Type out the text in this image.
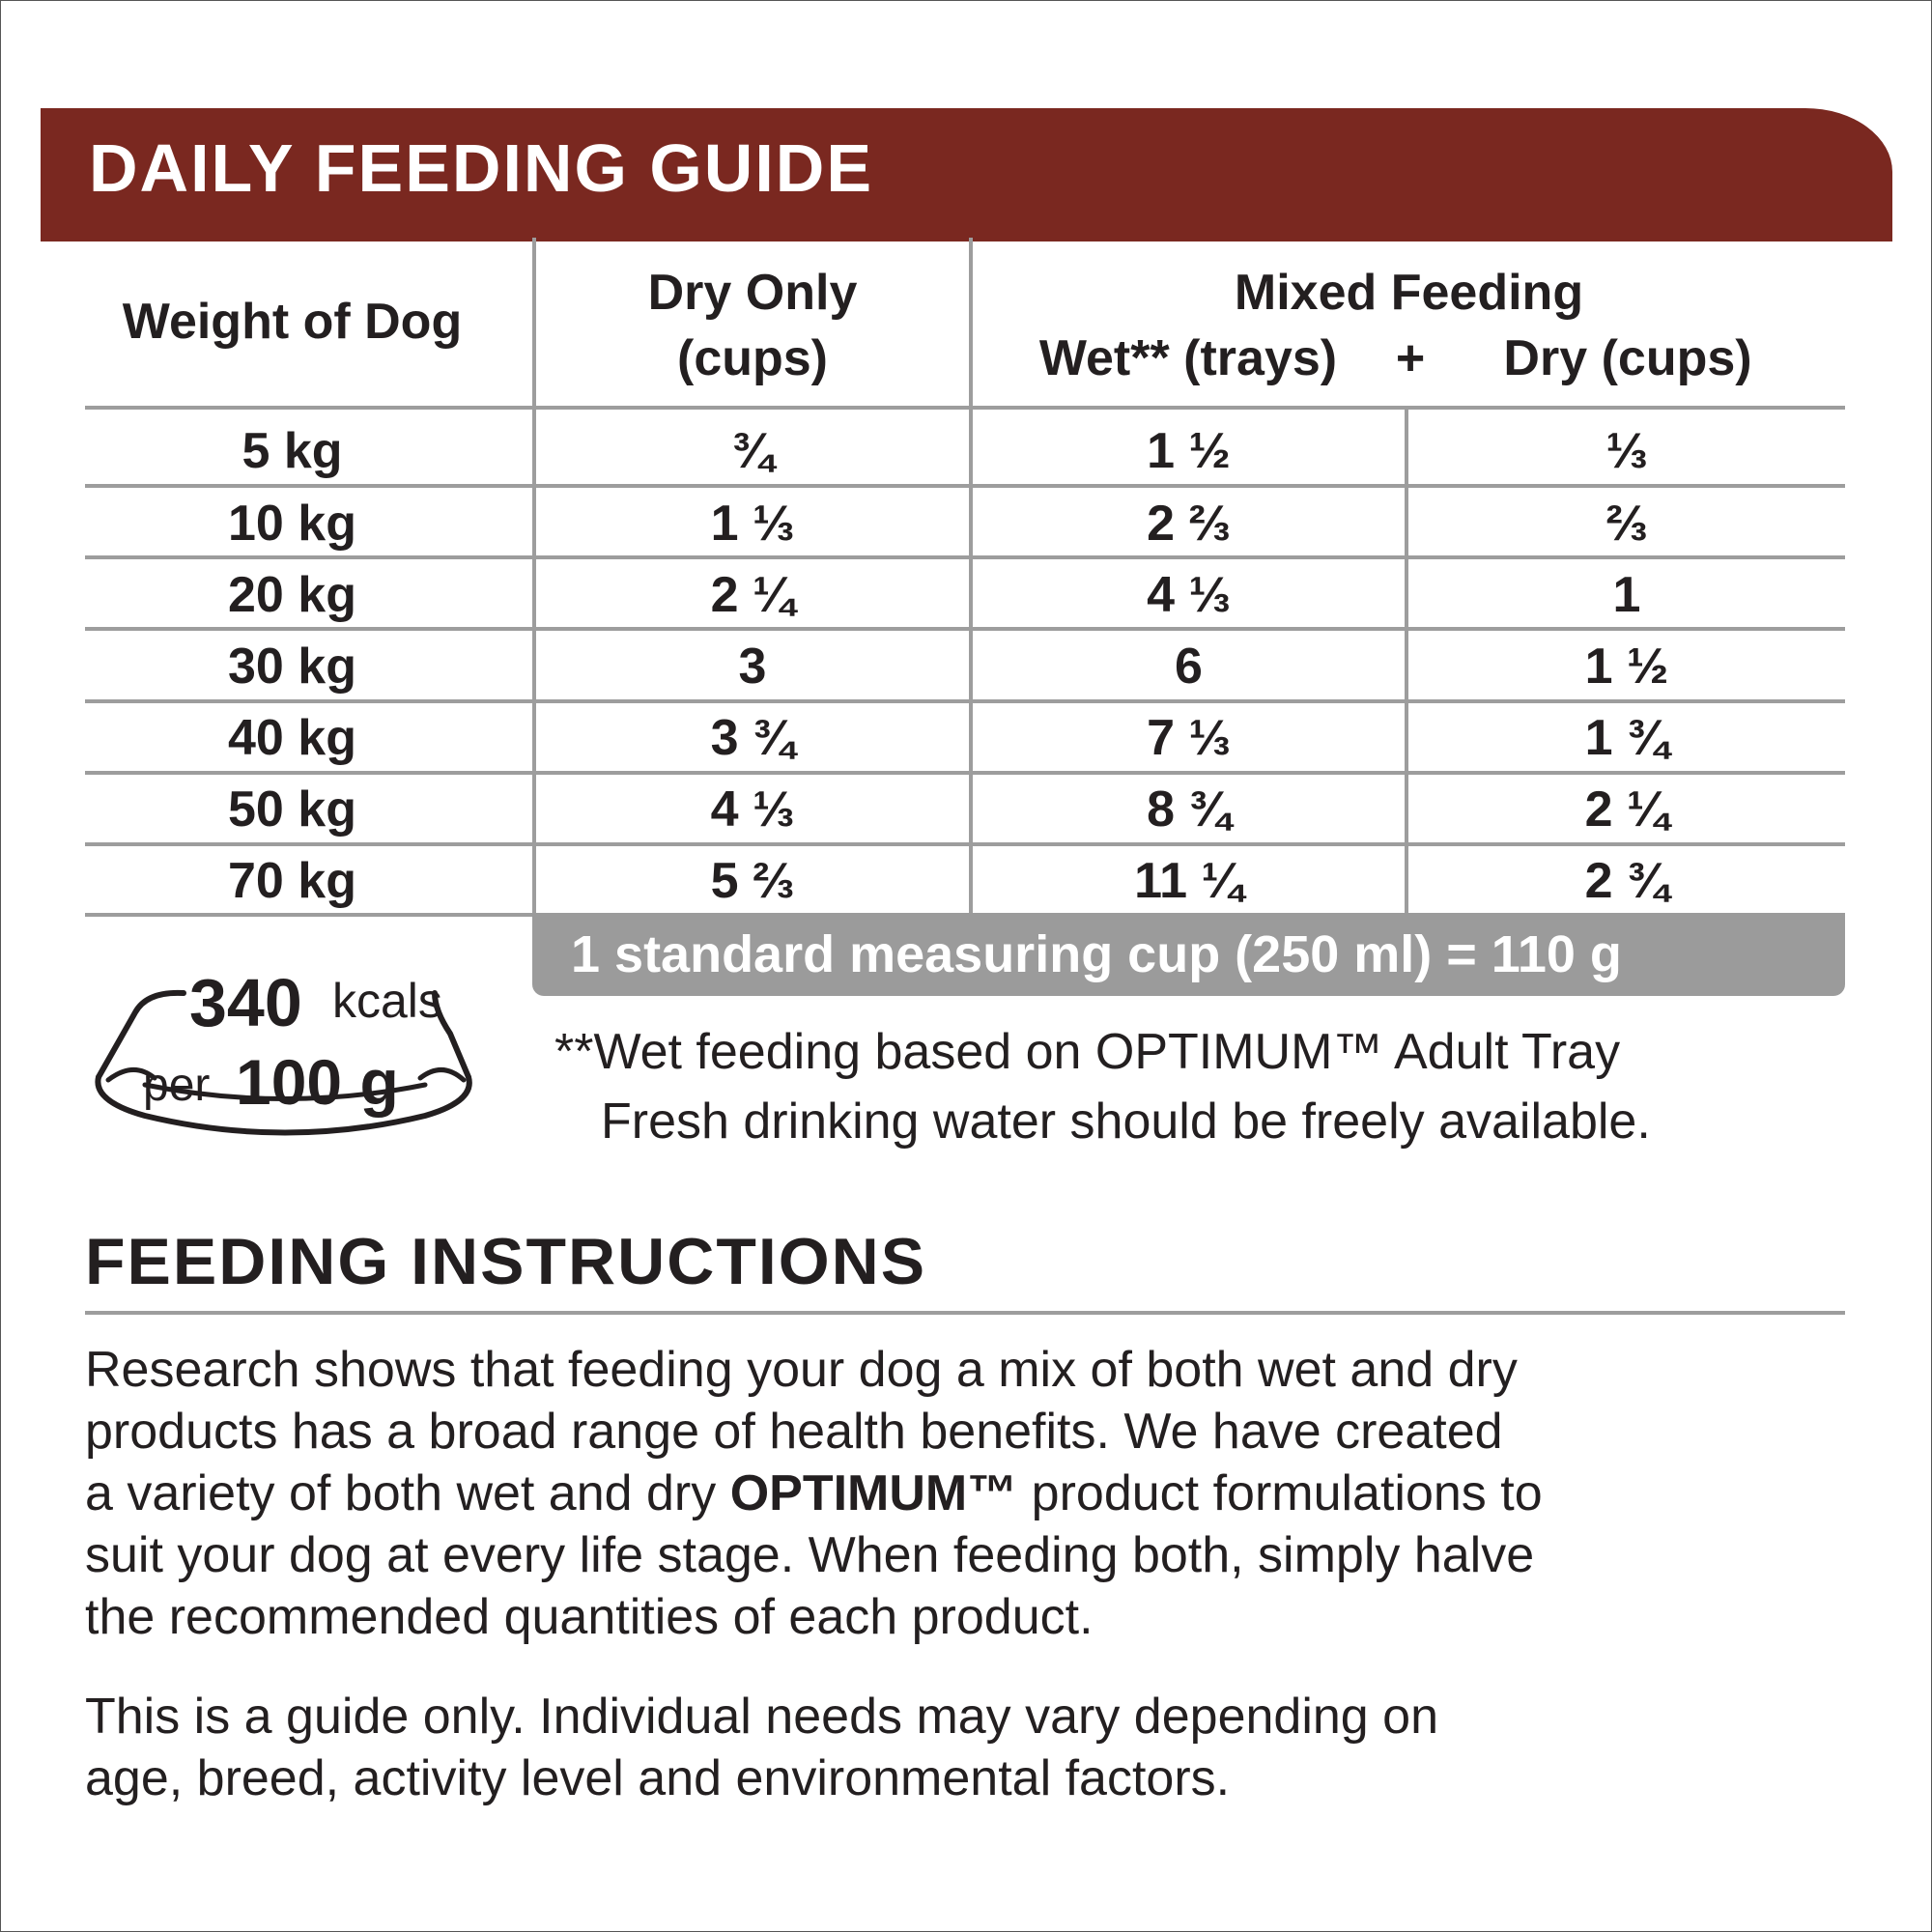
DAILY FEEDING GUIDE
Weight of Dog
Dry Only
(cups)
Mixed Feeding
Wet** (trays)	+	Dry (cups)
5 kg	¾	1 ½	⅓
10 kg	1 ⅓	2 ⅔	⅔
20 kg	2 ¼	4 ⅓	1
30 kg	3	6	1 ½
40 kg	3 ¾	7 ⅓	1 ¾
50 kg	4 ⅓	8 ¾	2 ¼
70 kg	5 ⅔	11 ¼	2 ¾
1 standard measuring cup (250 ml) = 110 g
340 kcals
per 100 g	**Wet feeding based on OPTIMUM™ Adult Tray
Fresh drinking water should be freely available.
FEEDING INSTRUCTIONS
Research shows that feeding your dog a mix of both wet and dry
products has a broad range of health benefits. We have created
a variety of both wet and dry OPTIMUM™ product formulations to
suit your dog at every life stage. When feeding both, simply halve
the recommended quantities of each product.
This is a guide only. Individual needs may vary depending on
age, breed, activity level and environmental factors.
